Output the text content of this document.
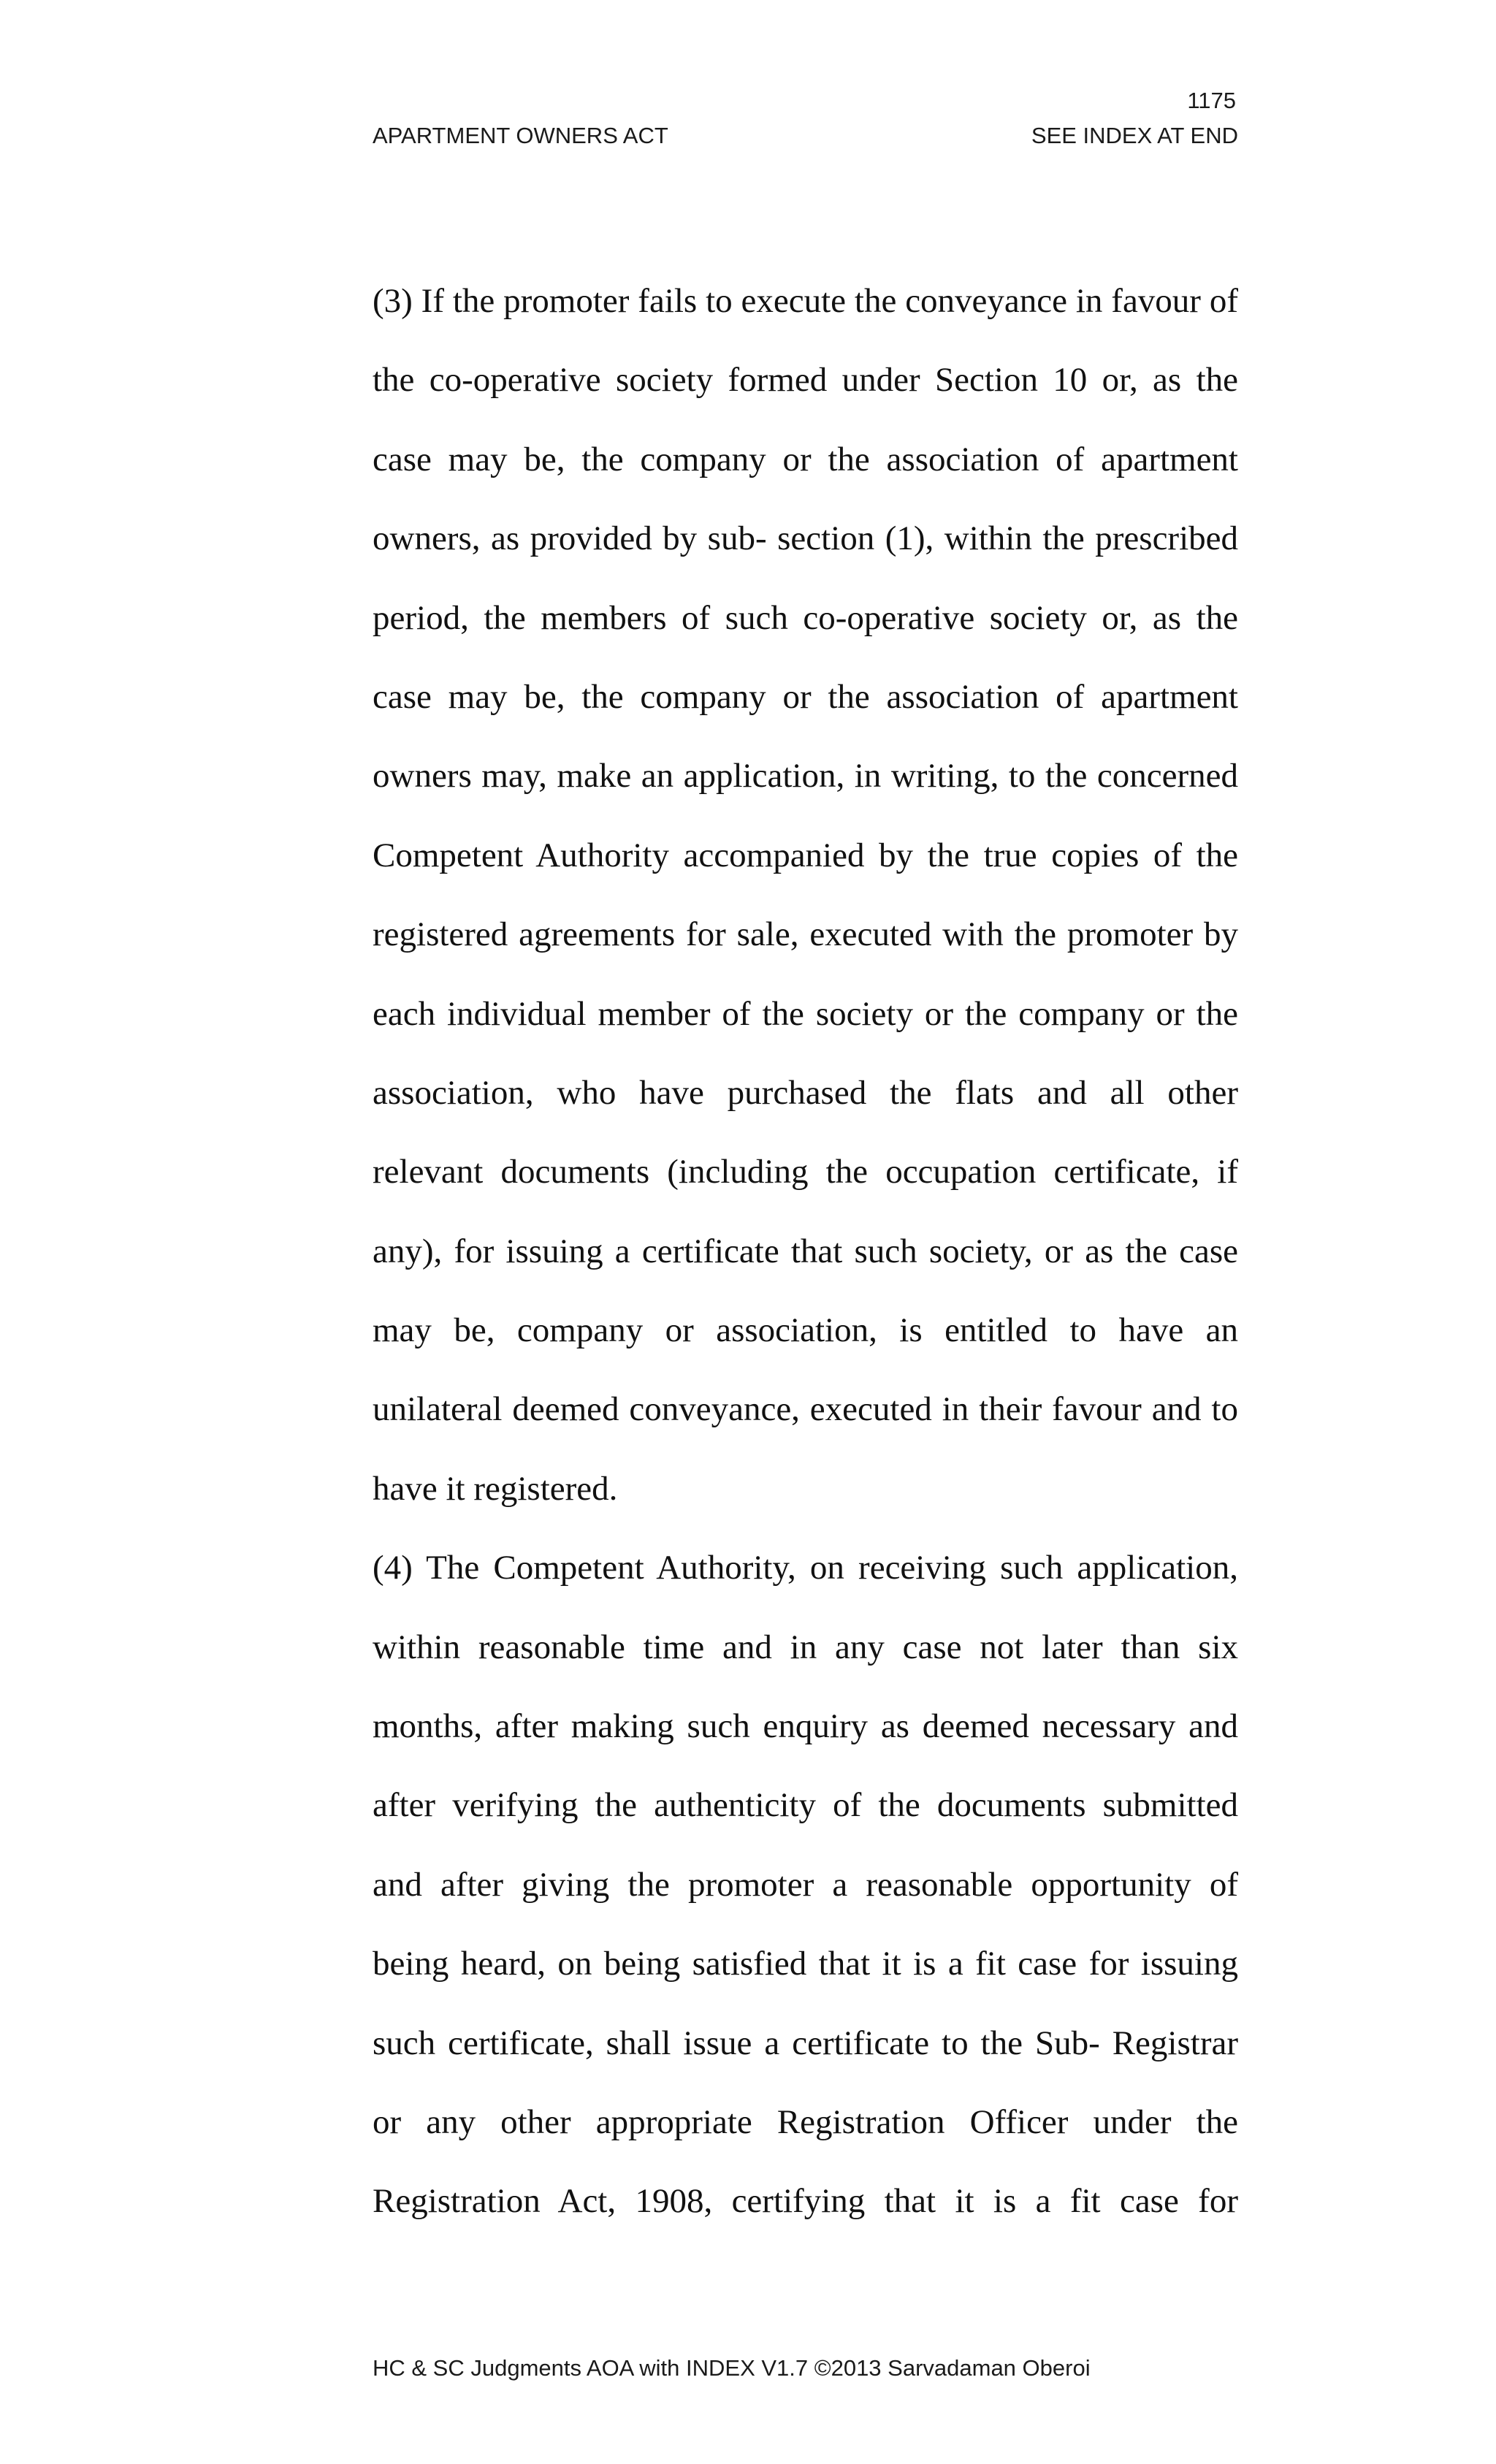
1175
APARTMENT OWNERS ACT	SEE INDEX AT END
(3) If the promoter fails to execute the conveyance in favour of
the co-operative society formed under Section 10 or, as the
case may be, the company or the association of apartment
owners, as provided by sub- section (1), within the prescribed
period, the members of such co-operative society or, as the
case may be, the company or the association of apartment
owners may, make an application, in writing, to the concerned
Competent Authority accompanied by the true copies of the
registered agreements for sale, executed with the promoter by
each individual member of the society or the company or the
association, who have purchased the flats and all other
relevant documents (including the occupation certificate, if
any), for issuing a certificate that such society, or as the case
may be, company or association, is entitled to have an
unilateral deemed conveyance, executed in their favour and to
have it registered.
(4) The Competent Authority, on receiving such application,
within reasonable time and in any case not later than six
months, after making such enquiry as deemed necessary and
after verifying the authenticity of the documents submitted
and after giving the promoter a reasonable opportunity of
being heard, on being satisfied that it is a fit case for issuing
such certificate, shall issue a certificate to the Sub- Registrar
or any other appropriate Registration Officer under the
Registration Act, 1908, certifying that it is a fit case for
HC & SC Judgments AOA with INDEX V1.7 ©2013 Sarvadaman Oberoi
